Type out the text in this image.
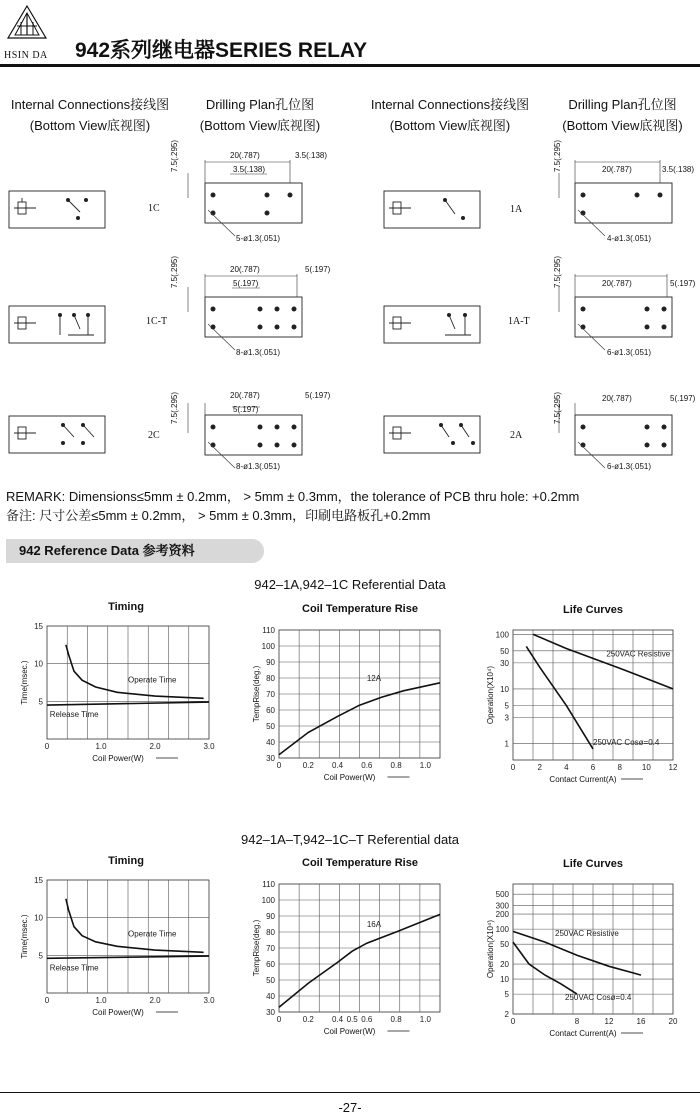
HSIN DA 942系列继电器SERIES RELAY
Internal Connections接线图
(Bottom View底视图)
Drilling Plan孔位图
(Bottom View底视图)
Internal Connections接线图
(Bottom View底视图)
Drilling Plan孔位图
(Bottom View底视图)
1C
20(.787)	3.5(.138)
3.5(.138)
7.5(.295)
5-ø1.3(.051)
1C-T
20(.787)	5(.197)
5(.197)
7.5(.295)
8-ø1.3(.051)
2C
20(.787)	5(.197)
5(.197)
7.5(.295)
8-ø1.3(.051)
1A
20(.787)	3.5(.138)
7.5(.295)
4-ø1.3(.051)
1A-T
20(.787)	5(.197)
7.5(.295)
6-ø1.3(.051)
2A
20(.787)	5(.197)
7.5(.295)
6-ø1.3(.051)
REMARK: Dimensions≤5mm ± 0.2mm， > 5mm ± 0.3mm，the tolerance of PCB thru hole: +0.2mm
备注: 尺寸公差≤5mm ± 0.2mm， > 5mm ± 0.3mm，印刷电路板孔+0.2mm
942 Reference Data 参考资料
942–1A,942–1C Referential Data
942–1A–T,942–1C–T Referential data
Timing	Coil Temperature Rise	Life Curves
Timing	Coil Temperature Rise	Life Curves
5
10
15
0	1.0	2.0	3.0
Coil Power(W)
Time(msec.)	Operate Time
Release Time
30
40
50
60
70
80
90
100
110
0	0.2 0.4 0.6 0.8 1.0
Coil Power(W)
TempRise(deg.)	12A
1
3
5
10
30
50
100
0	2	4	6	8 10 12
Contact Current(A)
Operation(X10⁴)
250VAC Resistive
250VAC Cosø=0.4
5
10
15
0	1.0	2.0	3.0
Coil Power(W)
Time(msec.)	Operate Time
Release Time
30
40
50
60
70
80
90
100
110
0	0.2 0.4 0.5 0.6 0.8 1.0
Coil Power(W)
TempRise(deg.)	16A
2
5
10
20
50
100
200
300
500
0	8	12	16	20
Contact Current(A)
Operation(X10⁴)	250VAC Resistive
250VAC Cosø=0.4
-27-
